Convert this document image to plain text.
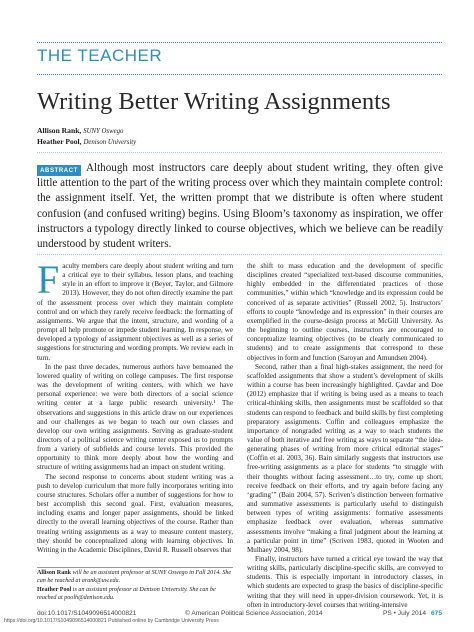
THE TEACHER
Writing Better Writing Assignments
Allison Rank, SUNY Oswego
Heather Pool, Denison University
Although most instructors care deeply about student writing, they often give little attention to the part of the writing process over which they maintain complete control: the assignment itself. Yet, the written prompt that we distribute is often where student confusion (and confused writing) begins. Using Bloom’s taxonomy as inspiration, we offer instructors a typology directly linked to course objectives, which we believe can be readily understood by student writers.
ABSTRACT

Faculty members care deeply about student writing and turn a critical eye to their syllabus, lesson plans, and teaching style in an effort to improve it (Beyer, Taylor, and Gilmore 2013). However, they do not often directly examine the part of the assessment process over which they maintain complete control and on which they rarely receive feedback: the formatting of assignments. We argue that the intent, structure, and wording of a prompt all help promote or impede student learning. In response, we developed a typology of assignment objectives as well as a series of suggestions for structuring and wording prompts. We review each in turn.

In the past three decades, numerous authors have bemoaned the lowered quality of writing on college campuses. The first response was the development of writing centers, with which we have personal experience: we were both directors of a social science writing center at a large public research university.¹ The observations and suggestions in this article draw on our experiences and our challenges as we began to teach our own classes and develop our own writing assignments. Serving as graduate-student directors of a political science writing center exposed us to prompts from a variety of subfields and course levels. This provided the opportunity to think more deeply about how the wording and structure of writing assignments had an impact on student writing.

The second response to concerns about student writing was a push to develop curriculum that more fully incorporates writing into course structures. Scholars offer a number of suggestions for how to best accomplish this second goal. First, evaluation measures, including exams and longer paper assignments, should be linked directly to the overall learning objectives of the course. Rather than treating writing assignments as a way to measure content mastery, they should be conceptualized along with learning objectives. In Writing in the Academic Disciplines, David R. Russell observes that

the shift to mass education and the development of specific disciplines created “specialized text-based discourse communities, highly embedded in the differentiated practices of those communities,” within which “knowledge and its expression could be conceived of as separate activities” (Russell 2002, 5). Instructors’ efforts to couple “knowledge and its expression” in their courses are exemplified in the course-design process at McGill University. As the beginning to outline courses, instructors are encouraged to conceptualize learning objectives (to be clearly communicated to students) and to create assignments that correspond to these objectives in form and function (Saroyan and Amundsen 2004).

Second, rather than a final high-stakes assignment, the need for scaffolded assignments that show a student’s development of skills within a course has been increasingly highlighted. Çavdar and Doe (2012) emphasize that if writing is being used as a means to teach critical-thinking skills, then assignments must be scaffolded so that students can respond to feedback and build skills by first completing preparatory assignments. Coffin and colleagues emphasize the importance of nongraded writing as a way to teach students the value of both iterative and free writing as ways to separate “the idea-generating phases of writing from more critical editorial stages” (Coffin et al. 2003, 36). Bain similarly suggests that instructors use free-writing assignments as a place for students “to struggle with their thoughts without facing assessment…to try, come up short, receive feedback on their efforts, and try again before facing any ‘grading’” (Bain 2004, 57). Scriven’s distinction between formative and summative assessments is particularly useful to distinguish between types of writing assignments: formative assessments emphasize feedback over evaluation, whereas summative assessments involve “making a final judgment about the learning at a particular point in time” (Scriven 1983, quoted in Wooten and Mulhaey 2004, 98).

Finally, instructors have turned a critical eye toward the way that writing skills, particularly discipline-specific skills, are conveyed to students. This is especially important in introductory classes, in which students are expected to grasp the basics of discipline-specific writing that they will need in upper-division coursework. Yet, it is often in introductory-level courses that writing-intensive

Allison Rank will be an assistant professor at SUNY Oswego in Fall 2014. She can be reached at arank@uw.edu.

Heather Pool is an assistant professor at Denison University. She can be reached at poolh@denison.edu.

doi:10.1017/S1049096514000821	© American Political Science Association, 2014	PS • July 2014 675
https://doi.org/10.1017/S1049096514000821 Published online by Cambridge University Press
